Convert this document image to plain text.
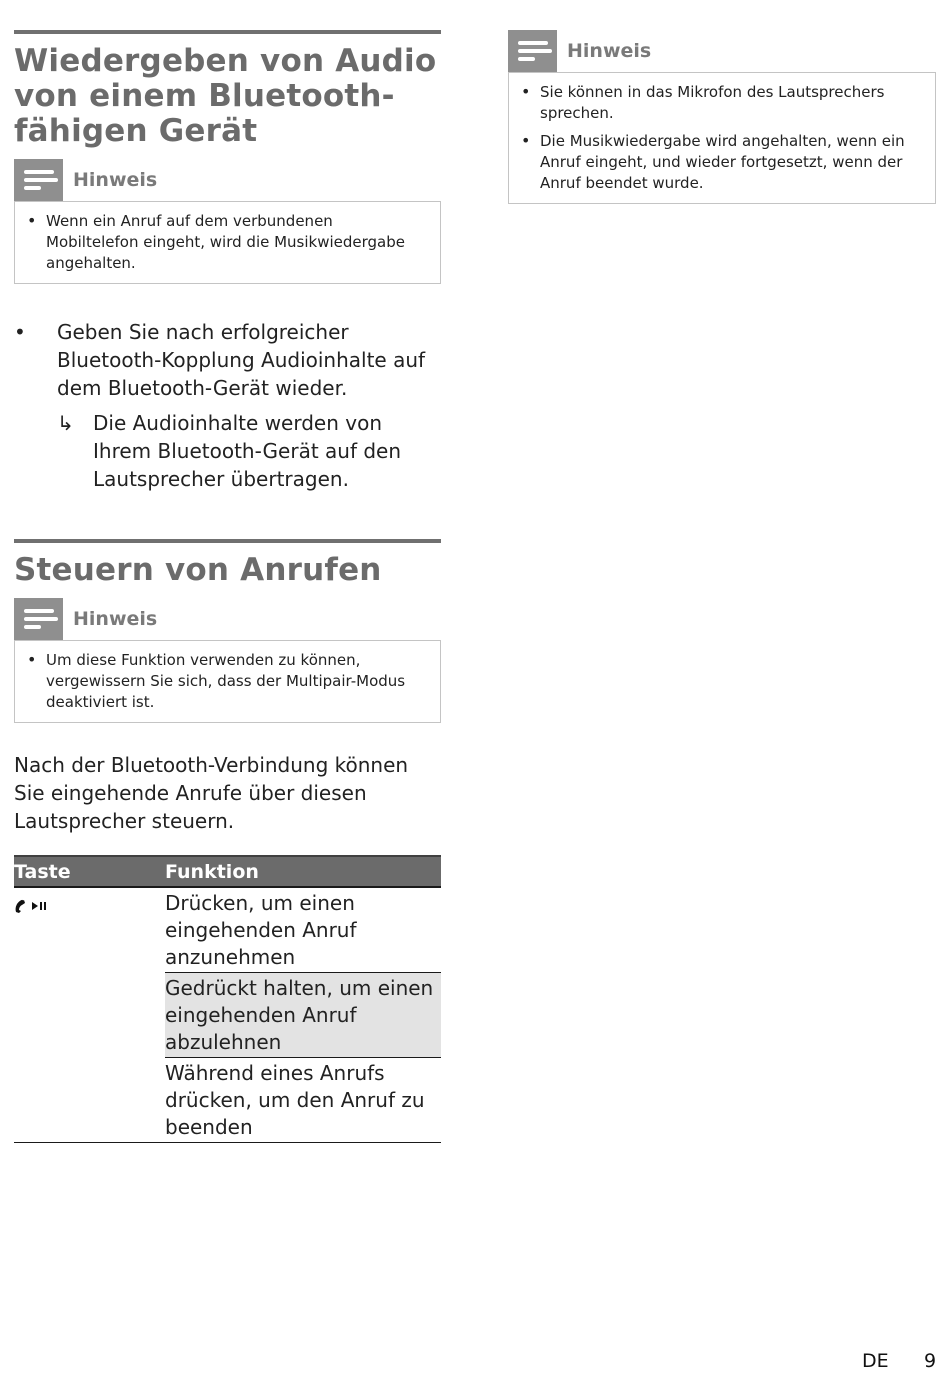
Wiedergeben von Audio von einem Bluetooth-fähigen Gerät
Hinweis

• Wenn ein Anruf auf dem verbundenen Mobiltelefon eingeht, wird die Musikwiedergabe angehalten.

• Geben Sie nach erfolgreicher Bluetooth-Kopplung Audioinhalte auf dem Bluetooth-Gerät wieder.
↳ Die Audioinhalte werden von Ihrem Bluetooth-Gerät auf den Lautsprecher übertragen.
Steuern von Anrufen
Hinweis

• Um diese Funktion verwenden zu können, vergewissern Sie sich, dass der Multipair-Modus deaktiviert ist.

Nach der Bluetooth-Verbindung können Sie eingehende Anrufe über diesen Lautsprecher steuern.

Taste	Funktion

	Drücken, um einen eingehenden Anruf anzunehmen
	Gedrückt halten, um einen eingehenden Anruf abzulehnen
	Während eines Anrufs drücken, um den Anruf zu beenden
Hinweis

• Sie können in das Mikrofon des Lautsprechers sprechen.

• Die Musikwiedergabe wird angehalten, wenn ein Anruf eingeht, und wieder fortgesetzt, wenn der Anruf beendet wurde.

DE 9
